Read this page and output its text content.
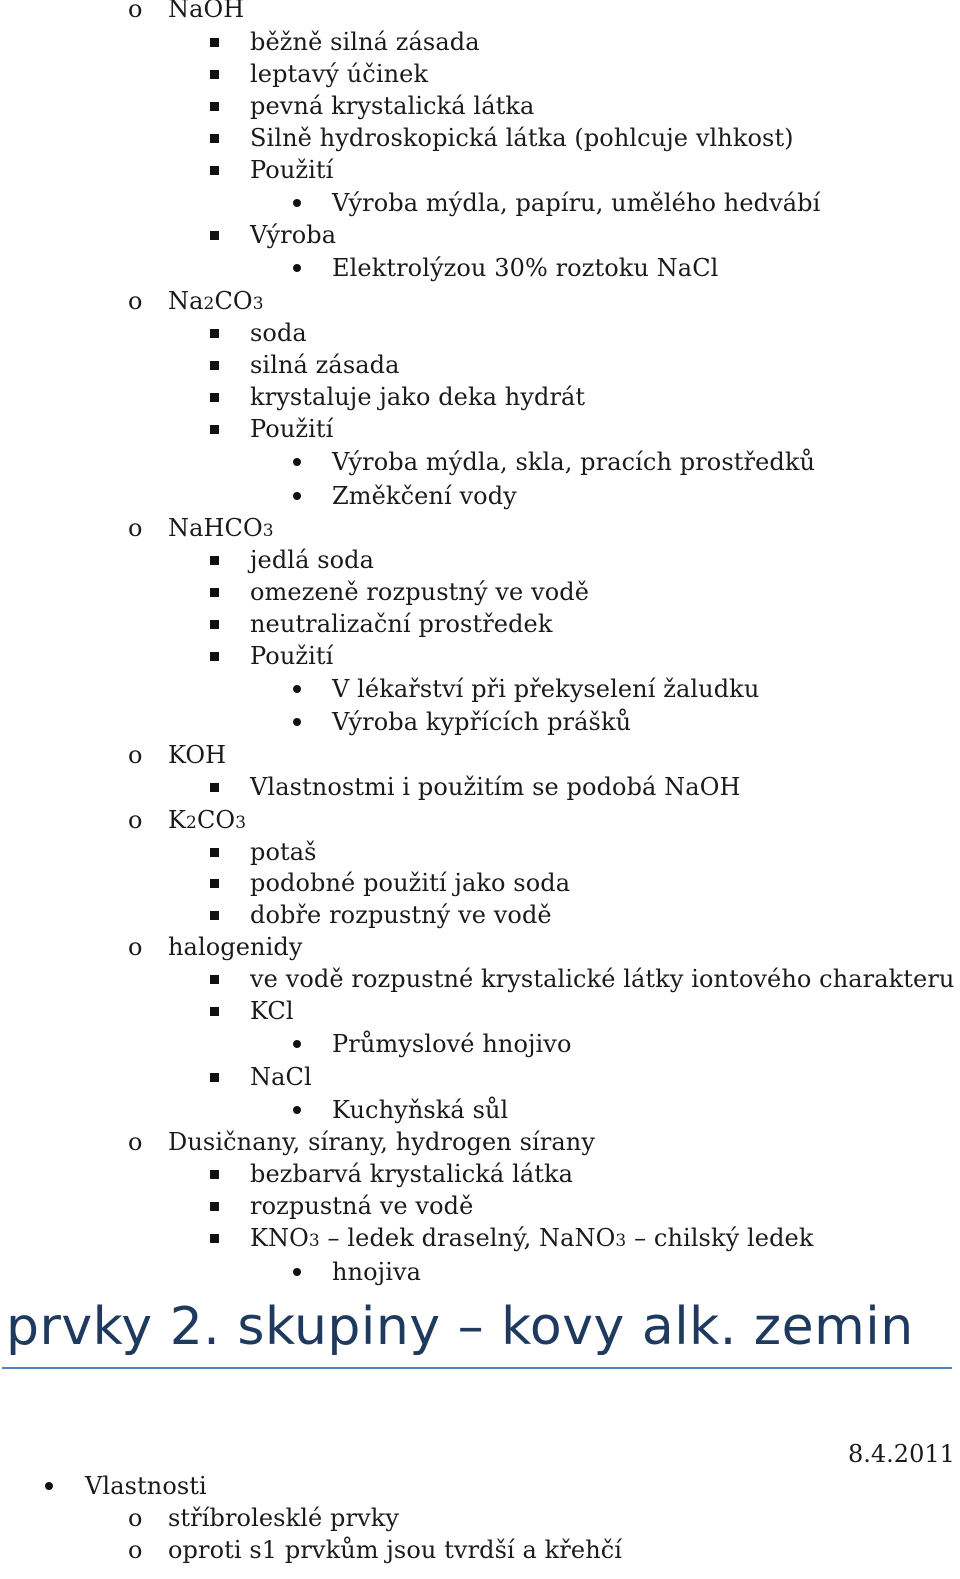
o NaOH
běžně silná zásada
leptavý účinek
pevná krystalická látka
Silně hydroskopická látka (pohlcuje vlhkost)
Použití
Výroba mýdla, papíru, umělého hedvábí
Výroba
Elektrolýzou 30% roztoku NaCl
o Na2CO3
soda
silná zásada
krystaluje jako deka hydrát
Použití
Výroba mýdla, skla, pracích prostředků
Změkčení vody
o NaHCO3
jedlá soda
omezeně rozpustný ve vodě
neutralizační prostředek
Použití
V lékařství při překyselení žaludku
Výroba kypřících prášků
o KOH
Vlastnostmi i použitím se podobá NaOH
o K2CO3
potaš
podobné použití jako soda
dobře rozpustný ve vodě
o halogenidy
ve vodě rozpustné krystalické látky iontového charakteru
KCl
Průmyslové hnojivo
NaCl
Kuchyňská sůl
o Dusičnany, sírany, hydrogen sírany
bezbarvá krystalická látka
rozpustná ve vodě
KNO3 – ledek draselný, NaNO3 – chilský ledek
hnojiva
prvky 2. skupiny – kovy alk. zemin
8.4.2011
Vlastnosti
o stříbrolesklé prvky
o oproti s1 prvkům jsou tvrdší a křehčí
